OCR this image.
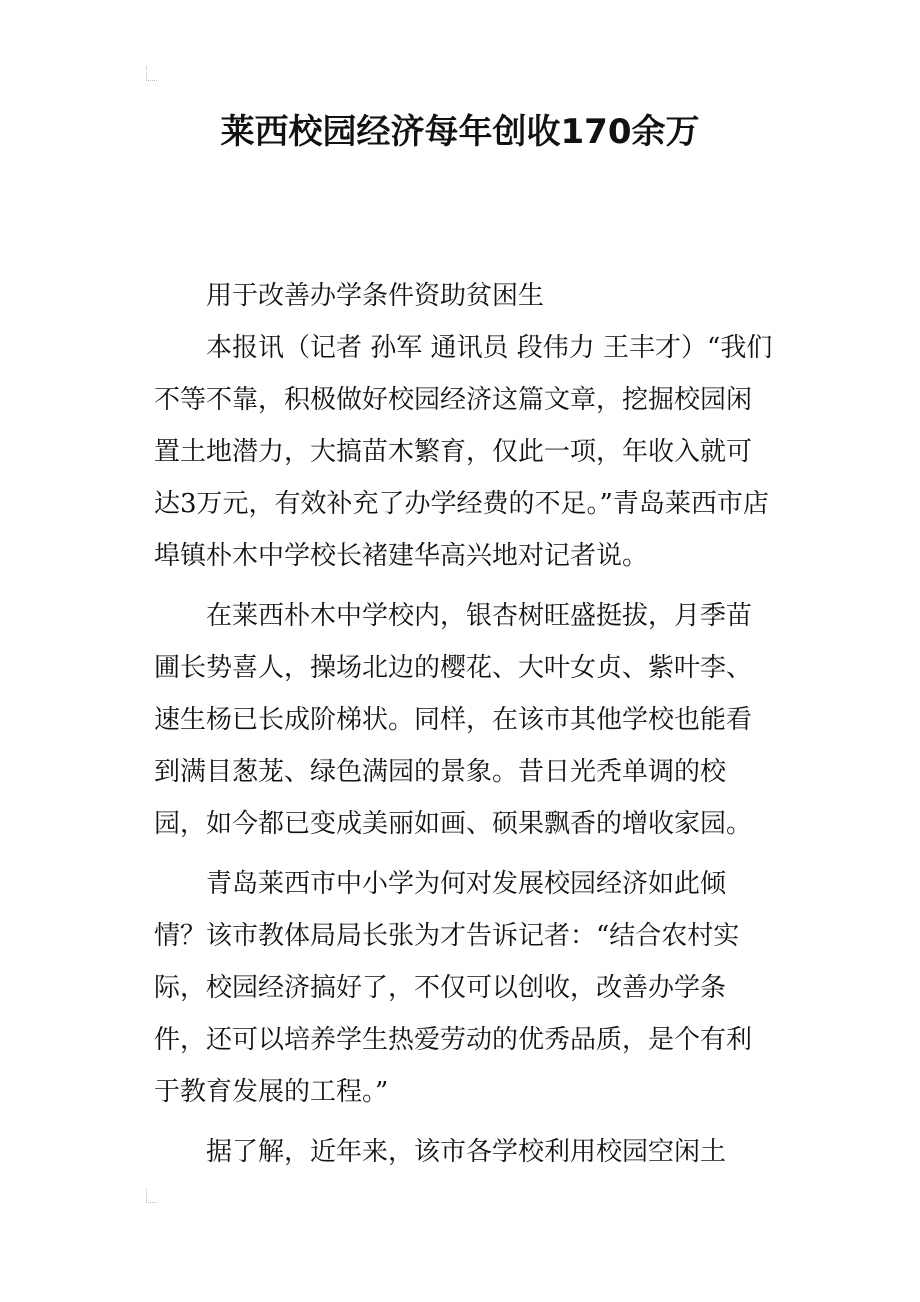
莱西校园经济每年创收170余万

用于改善办学条件资助贫困生

本报讯（记者 孙军 通讯员 段伟力 王丰才）“我们不等不靠，积极做好校园经济这篇文章，挖掘校园闲置土地潜力，大搞苗木繁育，仅此一项，年收入就可达3万元，有效补充了办学经费的不足。”青岛莱西市店埠镇朴木中学校长褚建华高兴地对记者说。

在莱西朴木中学校内，银杏树旺盛挺拔，月季苗圃长势喜人，操场北边的樱花、大叶女贞、紫叶李、速生杨已长成阶梯状。同样，在该市其他学校也能看到满目葱茏、绿色满园的景象。昔日光秃单调的校园，如今都已变成美丽如画、硕果飘香的增收家园。

青岛莱西市中小学为何对发展校园经济如此倾情？该市教体局局长张为才告诉记者：“结合农村实际，校园经济搞好了，不仅可以创收，改善办学条件，还可以培养学生热爱劳动的优秀品质，是个有利于教育发展的工程。”

据了解，近年来，该市各学校利用校园空闲土
